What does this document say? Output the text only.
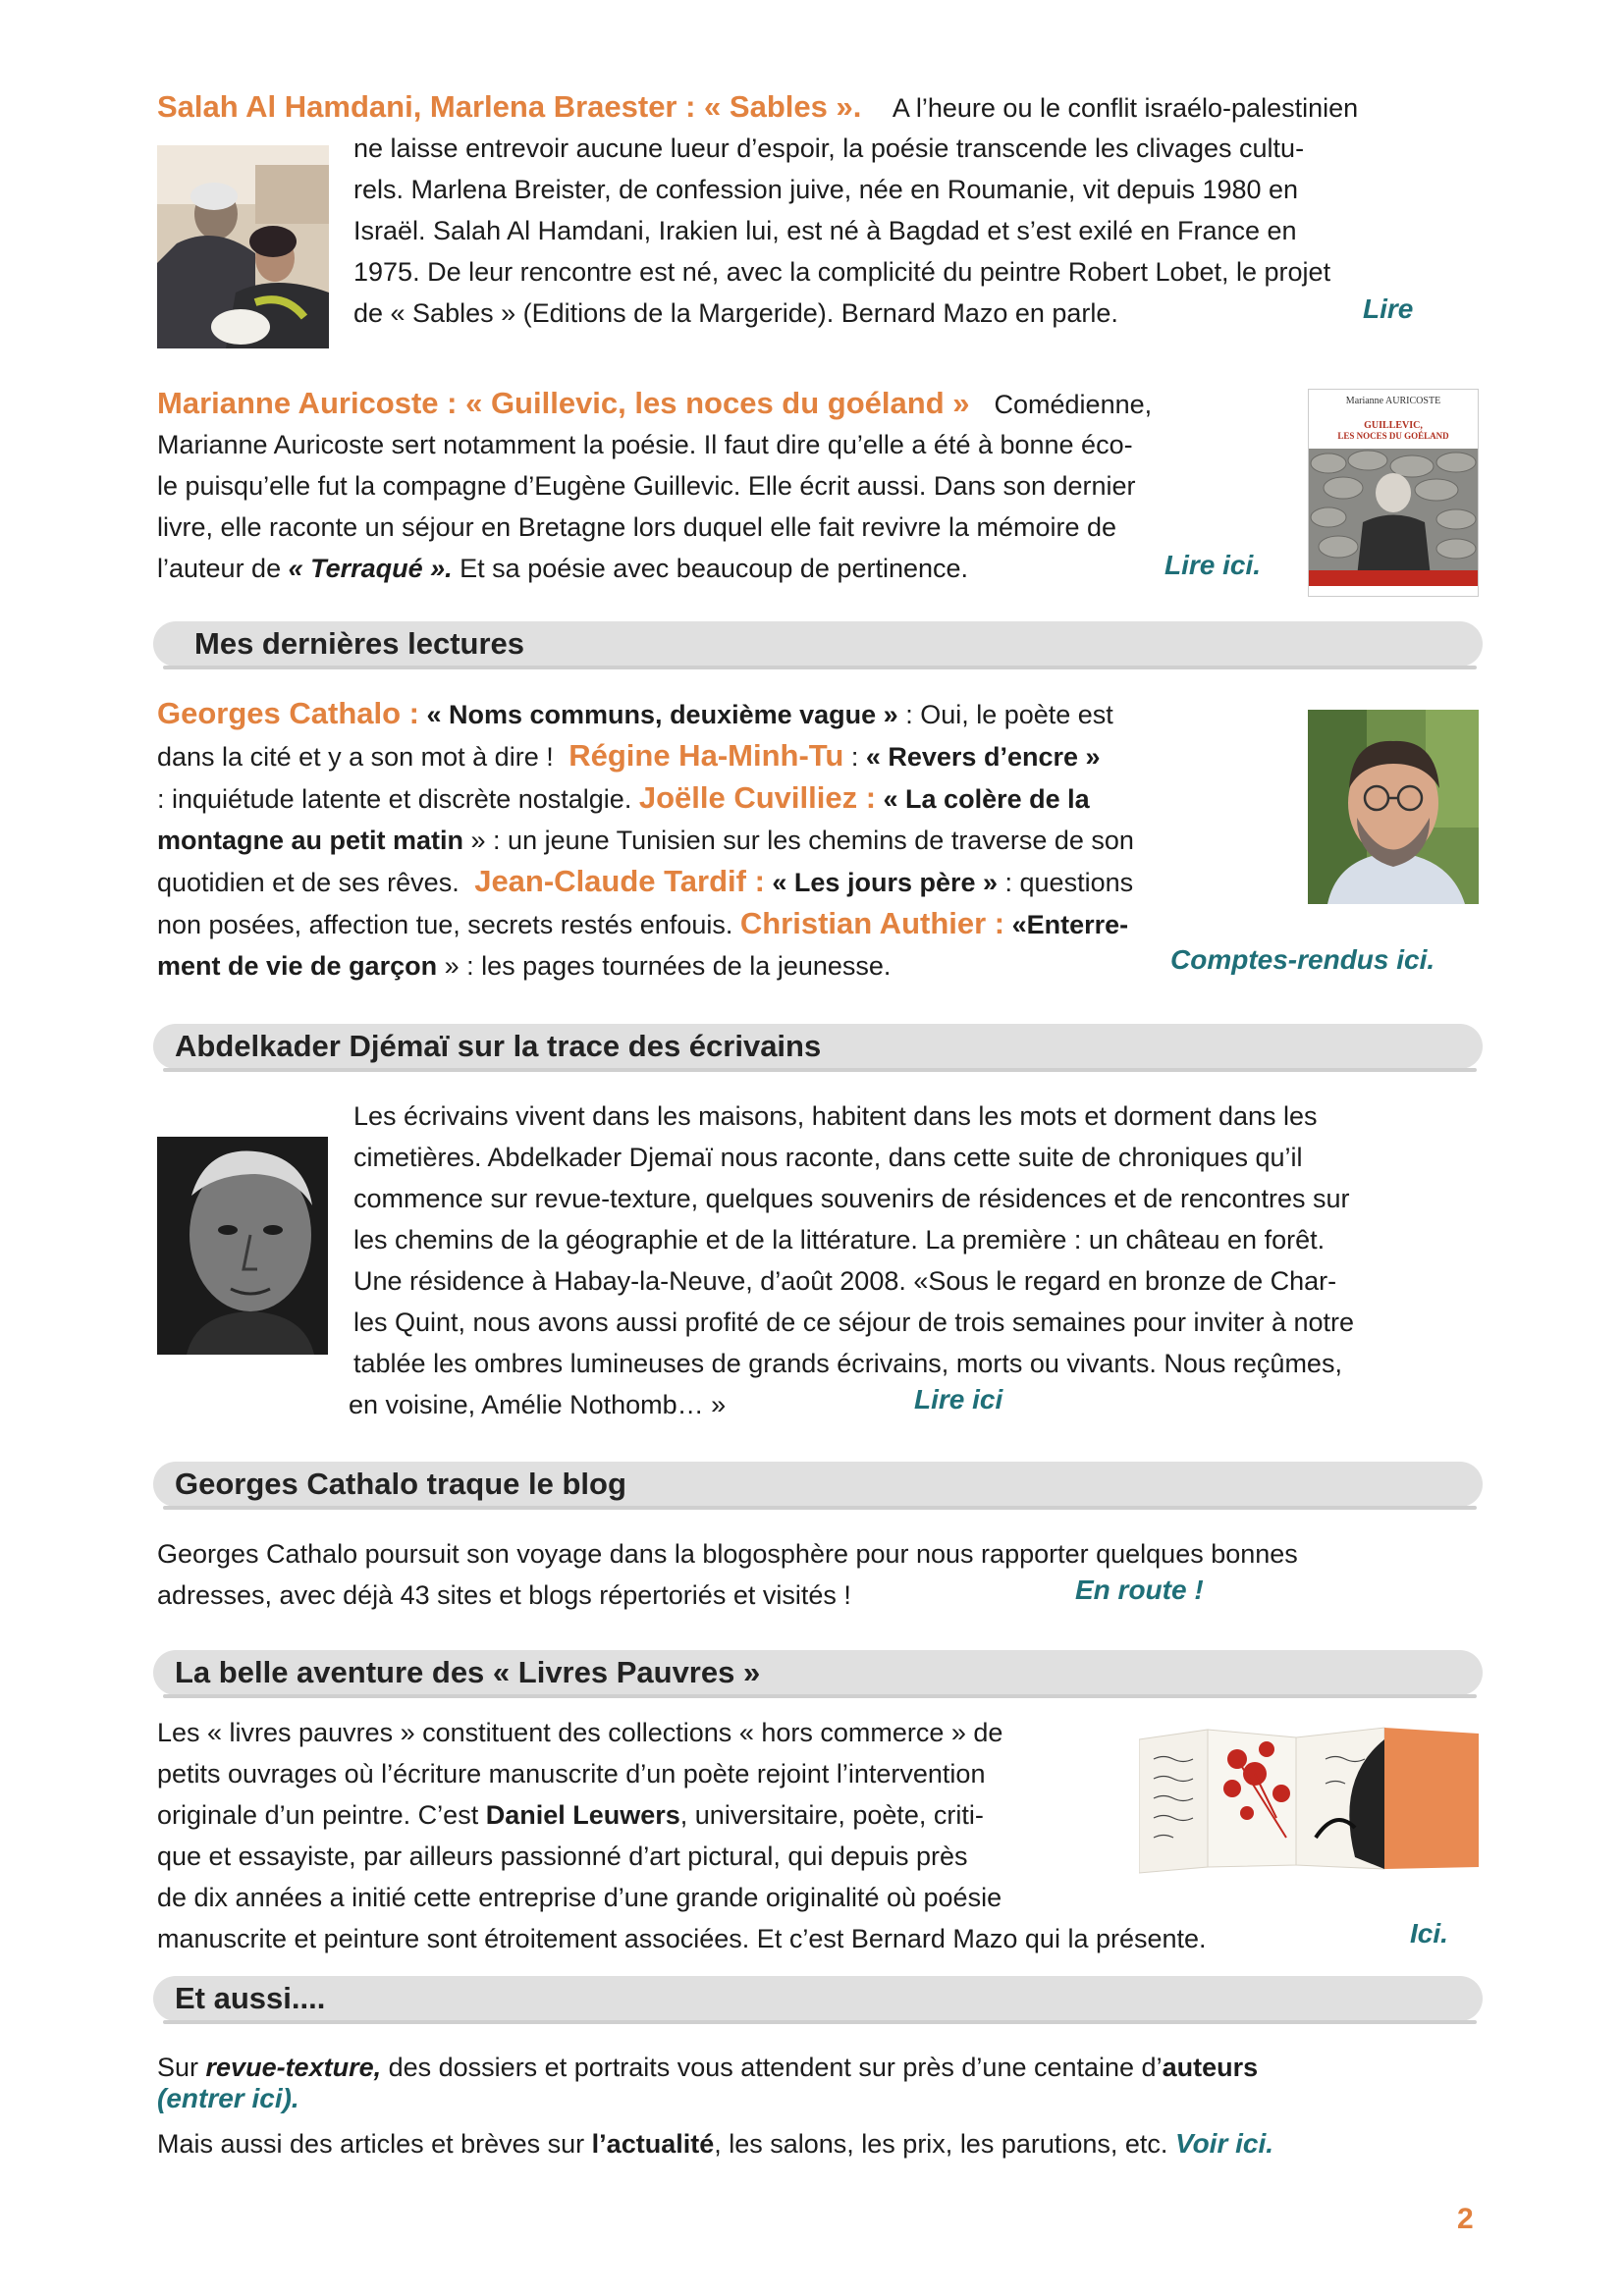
Salah Al Hamdani, Marlena Braester : « Sables ». A l’heure ou le conflit israélo-palestinien
ne laisse entrevoir aucune lueur d’espoir, la poésie transcende les clivages cultu-
rels. Marlena Breister, de confession juive, née en Roumanie, vit depuis 1980 en
Israël. Salah Al Hamdani, Irakien lui, est né à Bagdad et s’est exilé en France en
1975. De leur rencontre est né, avec la complicité du peintre Robert Lobet, le projet
de « Sables » (Editions de la Margeride). Bernard Mazo en parle.	Lire
Marianne Auricoste : « Guillevic, les noces du goéland » Comédienne,
Marianne Auricoste sert notamment la poésie. Il faut dire qu’elle a été à bonne éco-
le puisqu’elle fut la compagne d’Eugène Guillevic. Elle écrit aussi. Dans son dernier
livre, elle raconte un séjour en Bretagne lors duquel elle fait revivre la mémoire de
l’auteur de « Terraqué ». Et sa poésie avec beaucoup de pertinence.	Lire ici.
Marianne AURICOSTE
GUILLEVIC,
LES NOCES DU GOÉLAND
Mes dernières lectures
Georges Cathalo : « Noms communs, deuxième vague » : Oui, le poète est
dans la cité et y a son mot à dire ! Régine Ha-Minh-Tu : « Revers d’encre »
: inquiétude latente et discrète nostalgie. Joëlle Cuvilliez : « La colère de la
montagne au petit matin » : un jeune Tunisien sur les chemins de traverse de son
quotidien et de ses rêves. Jean-Claude Tardif : « Les jours père » : questions
non posées, affection tue, secrets restés enfouis. Christian Authier : «Enterre-
ment de vie de garçon » : les pages tournées de la jeunesse.	Comptes-rendus ici.
Abdelkader Djémaï sur la trace des écrivains
Les écrivains vivent dans les maisons, habitent dans les mots et dorment dans les
cimetières. Abdelkader Djemaï nous raconte, dans cette suite de chroniques qu’il
commence sur revue-texture, quelques souvenirs de résidences et de rencontres sur
les chemins de la géographie et de la littérature. La première : un château en forêt.
Une résidence à Habay-la-Neuve, d’août 2008. «Sous le regard en bronze de Char-
les Quint, nous avons aussi profité de ce séjour de trois semaines pour inviter à notre
tablée les ombres lumineuses de grands écrivains, morts ou vivants. Nous reçûmes,
en voisine, Amélie Nothomb… »	Lire ici
Georges Cathalo traque le blog
Georges Cathalo poursuit son voyage dans la blogosphère pour nous rapporter quelques bonnes
adresses, avec déjà 43 sites et blogs répertoriés et visités !	En route !
La belle aventure des « Livres Pauvres »
Les « livres pauvres » constituent des collections « hors commerce » de
petits ouvrages où l’écriture manuscrite d’un poète rejoint l’intervention
originale d’un peintre. C’est Daniel Leuwers, universitaire, poète, criti-
que et essayiste, par ailleurs passionné d’art pictural, qui depuis près
de dix années a initié cette entreprise d’une grande originalité où poésie
manuscrite et peinture sont étroitement associées. Et c’est Bernard Mazo qui la présente.	Ici.
Et aussi....
Sur revue-texture, des dossiers et portraits vous attendent sur près d’une centaine d’auteurs
(entrer ici).
Mais aussi des articles et brèves sur l’actualité, les salons, les prix, les parutions, etc. Voir ici.
2
